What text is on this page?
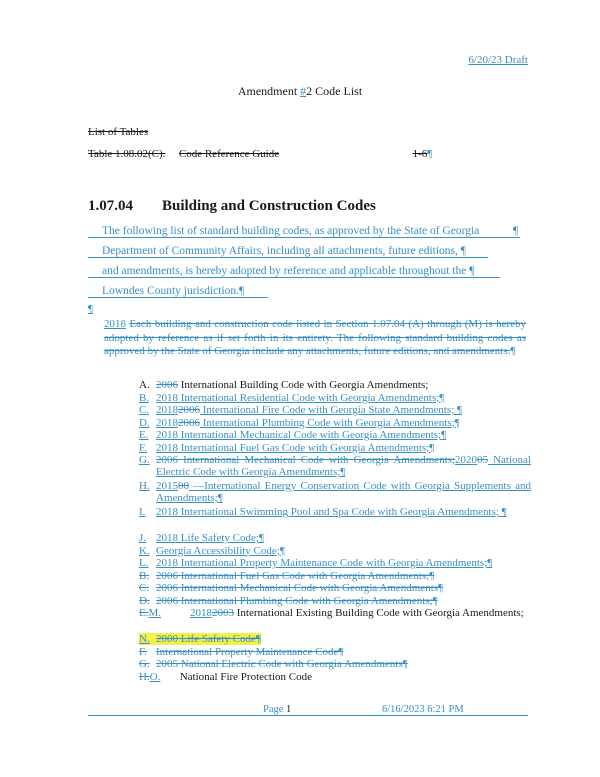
6/20/23 Draft
Amendment #2 Code List
List of Tables
Table 1.08.02(C). Code Reference Guide	1-6¶
1.07.04 Building and Construction Codes
The following list of standard building codes, as approved by the State of Georgia	¶
Department of Community Affairs, including all attachments, future editions, ¶
and amendments, is hereby adopted by reference and applicable throughout the ¶
Lowndes County jurisdiction.¶
¶
2018 Each building and construction code listed in Section 1.07.04 (A) through (M) is hereby adopted by reference as if set forth in its entirety. The following standard building codes as approved by the State of Georgia include any attachments, future editions, and amendments.¶
A. 2006 International Building Code with Georgia Amendments;
B. 2018 International Residential Code with Georgia Amendments;¶
C. 20182006 International Fire Code with Georgia State Amendments; ¶
D. 20182006 International Plumbing Code with Georgia Amendments;¶
E. 2018 International Mechanical Code with Georgia Amendments;¶
F. 2018 International Fuel Gas Code with Georgia Amendments;¶
G. 2006 International Mechanical Code with Georgia Amendments;202005 National Electric Code with Georgia Amendments;¶
H. 201500 —International Energy Conservation Code with Georgia Supplements and Amendments;¶
I. 2018 International Swimming Pool and Spa Code with Georgia Amendments; ¶
J. 2018 Life Safety Code;¶
K. Georgia Accessibility Code;¶
L. 2018 International Property Maintenance Code with Georgia Amendments;¶
B. 2006 International Fuel Gas Code with Georgia Amendments;¶
C. 2006 International Mechanical Code with Georgia Amendments¶
D. 2006 International Plumbing Code with Georgia Amendments;¶
E.M.	20182003 International Existing Building Code with Georgia Amendments;
N. 2000 Life Safety Code¶
F. International Property Maintenance Code¶
G. 2005 National Electric Code with Georgia Amendments¶
H.O. National Fire Protection Code
Page 1	6/16/2023 6:21 PM
